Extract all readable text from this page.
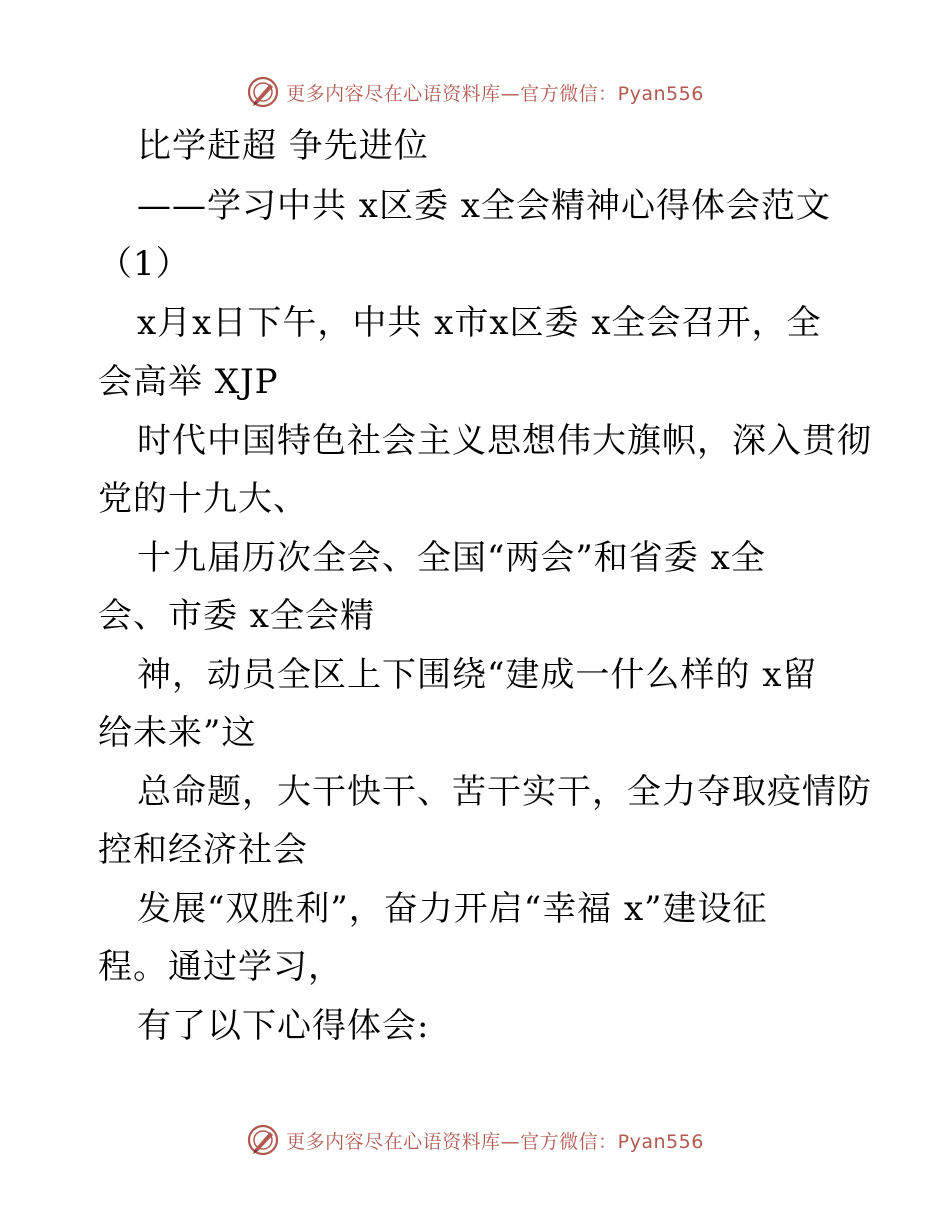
更多内容尽在心语资料库—官方微信：Pyan556
比学赶超 争先进位
——学习中共 x区委 x全会精神心得体会范文
（1）
x月x日下午，中共 x市x区委 x全会召开，全
会高举 XJP
时代中国特色社会主义思想伟大旗帜，深入贯彻
党的十九大、
十九届历次全会、全国“两会”和省委 x全
会、市委 x全会精
神，动员全区上下围绕“建成一什么样的 x留
给未来”这
总命题，大干快干、苦干实干，全力夺取疫情防
控和经济社会
发展“双胜利”，奋力开启“幸福 x”建设征
程。通过学习，
有了以下心得体会:
更多内容尽在心语资料库—官方微信：Pyan556
